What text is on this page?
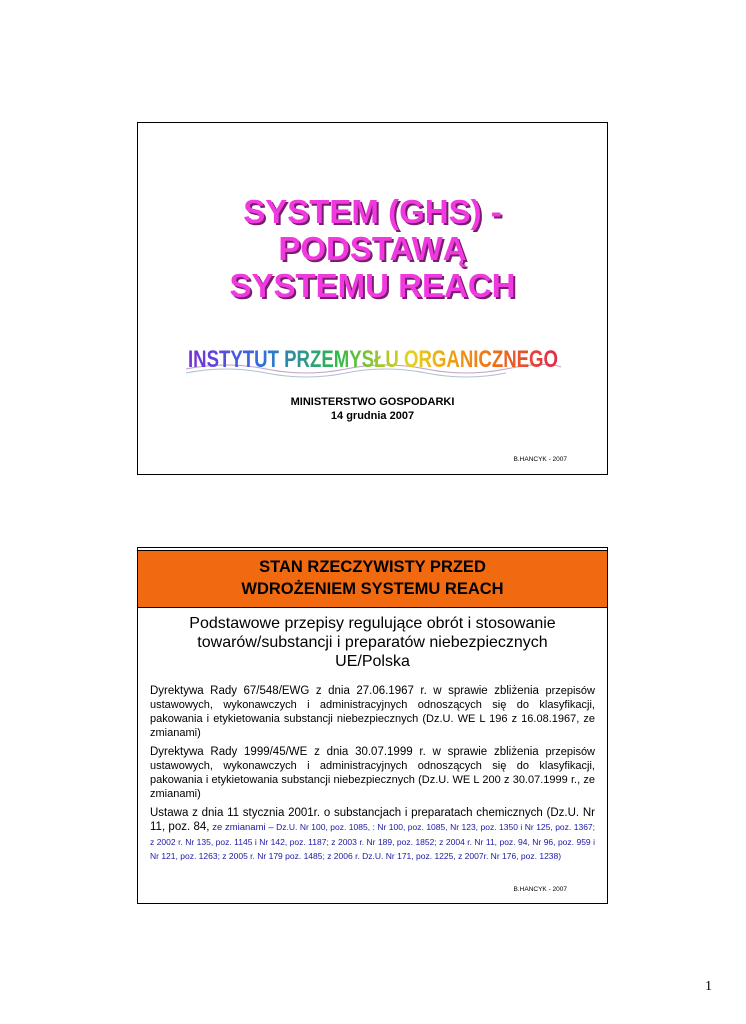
SYSTEM (GHS) -
PODSTAWĄ
SYSTEMU REACH
INSTYTUT PRZEMYSŁU ORGANICZNEGO
MINISTERSTWO GOSPODARKI
14 grudnia 2007
B.HANCYK - 2007
STAN RZECZYWISTY PRZED
WDROŻENIEM SYSTEMU REACH
Podstawowe przepisy regulujące obrót i stosowanie
towarów/substancji i preparatów niebezpiecznych
UE/Polska
Dyrektywa Rady 67/548/EWG z dnia 27.06.1967 r. w sprawie zbliżenia przepisów ustawowych, wykonawczych i administracyjnych odnoszących się do klasyfikacji, pakowania i etykietowania substancji niebezpiecznych (Dz.U. WE L 196 z 16.08.1967, ze zmianami)
Dyrektywa Rady 1999/45/WE z dnia 30.07.1999 r. w sprawie zbliżenia przepisów ustawowych, wykonawczych i administracyjnych odnoszących się do klasyfikacji, pakowania i etykietowania substancji niebezpiecznych (Dz.U. WE L 200 z 30.07.1999 r., ze zmianami)
Ustawa z dnia 11 stycznia 2001r. o substancjach i preparatach chemicznych (Dz.U. Nr 11, poz. 84, ze zmianami – Dz.U. Nr 100, poz. 1085, : Nr 100, poz. 1085, Nr 123, poz. 1350 i Nr 125, poz. 1367; z 2002 r. Nr 135, poz. 1145 i Nr 142, poz. 1187; z 2003 r. Nr 189, poz. 1852; z 2004 r. Nr 11, poz. 94, Nr 96, poz. 959 i Nr 121, poz. 1263; z 2005 r. Nr 179 poz. 1485; z 2006 r. Dz.U. Nr 171, poz. 1225, z 2007r. Nr 176, poz. 1238)
B.HANCYK - 2007
1
